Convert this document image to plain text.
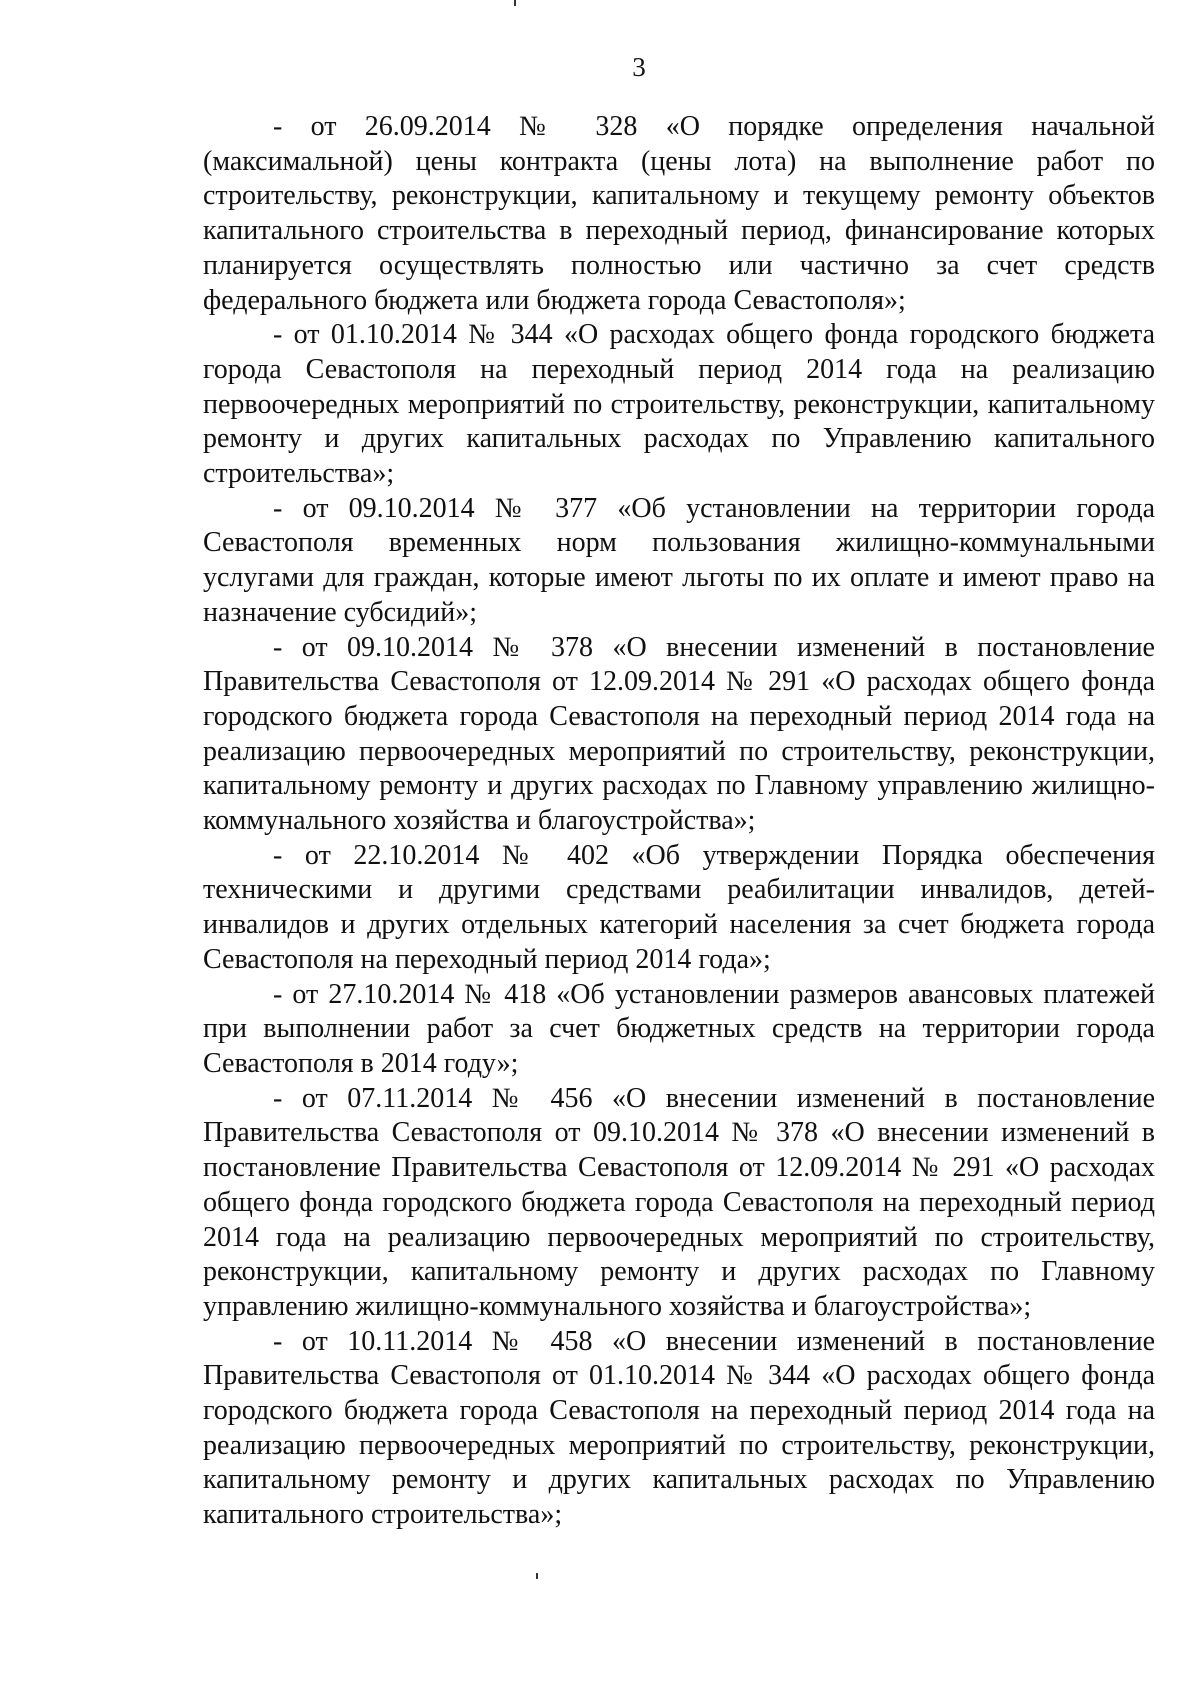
3

- от 26.09.2014 № 328 «О порядке определения начальной (максимальной) цены контракта (цены лота) на выполнение работ по строительству, реконструкции, капитальному и текущему ремонту объектов капитального строительства в переходный период, финансирование которых планируется осуществлять полностью или частично за счет средств федерального бюджета или бюджета города Севастополя»;

- от 01.10.2014 № 344 «О расходах общего фонда городского бюджета города Севастополя на переходный период 2014 года на реализацию первоочередных мероприятий по строительству, реконструкции, капитальному ремонту и других капитальных расходах по Управлению капитального строительства»;

- от 09.10.2014 № 377 «Об установлении на территории города Севастополя временных норм пользования жилищно-коммунальными услугами для граждан, которые имеют льготы по их оплате и имеют право на назначение субсидий»;

- от 09.10.2014 № 378 «О внесении изменений в постановление Правительства Севастополя от 12.09.2014 № 291 «О расходах общего фонда городского бюджета города Севастополя на переходный период 2014 года на реализацию первоочередных мероприятий по строительству, реконструкции, капитальному ремонту и других расходах по Главному управлению жилищно-коммунального хозяйства и благоустройства»;

- от 22.10.2014 № 402 «Об утверждении Порядка обеспечения техническими и другими средствами реабилитации инвалидов, детей-инвалидов и других отдельных категорий населения за счет бюджета города Севастополя на переходный период 2014 года»;

- от 27.10.2014 № 418 «Об установлении размеров авансовых платежей при выполнении работ за счет бюджетных средств на территории города Севастополя в 2014 году»;

- от 07.11.2014 № 456 «О внесении изменений в постановление Правительства Севастополя от 09.10.2014 № 378 «О внесении изменений в постановление Правительства Севастополя от 12.09.2014 № 291 «О расходах общего фонда городского бюджета города Севастополя на переходный период 2014 года на реализацию первоочередных мероприятий по строительству, реконструкции, капитальному ремонту и других расходах по Главному управлению жилищно-коммунального хозяйства и благоустройства»;

- от 10.11.2014 № 458 «О внесении изменений в постановление Правительства Севастополя от 01.10.2014 № 344 «О расходах общего фонда городского бюджета города Севастополя на переходный период 2014 года на реализацию первоочередных мероприятий по строительству, реконструкции, капитальному ремонту и других капитальных расходах по Управлению капитального строительства»;
